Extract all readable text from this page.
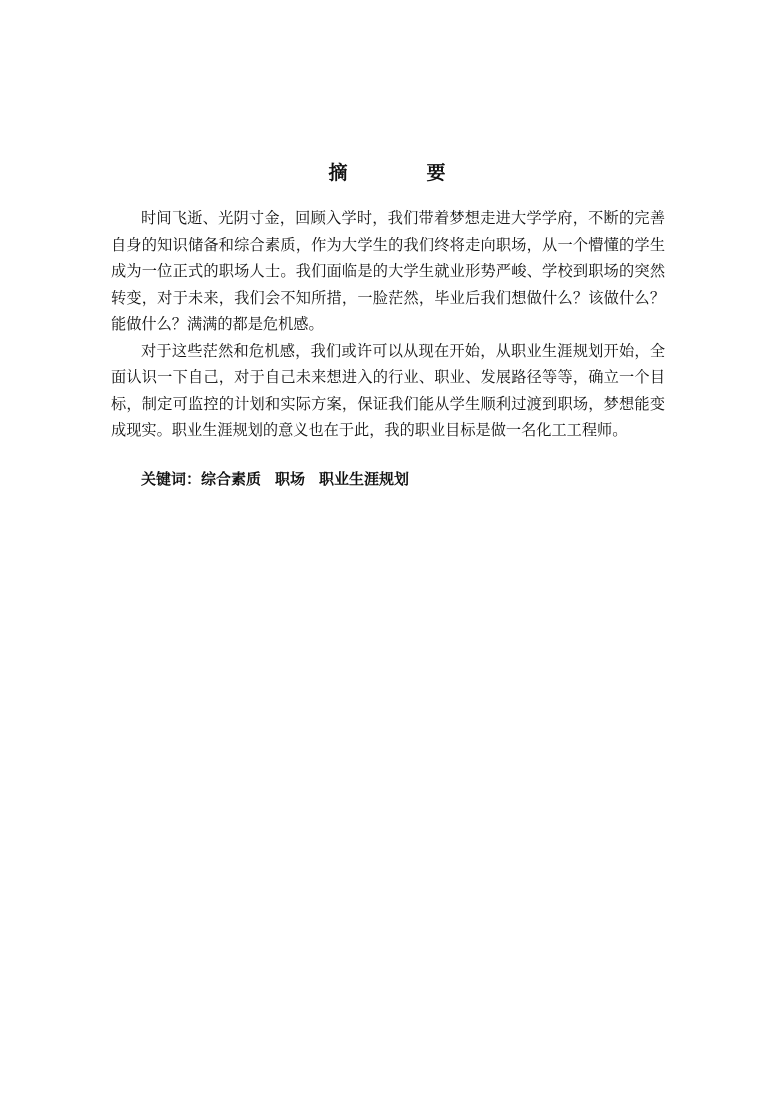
摘　要

时间飞逝、光阴寸金，回顾入学时，我们带着梦想走进大学学府，不断的完善自身的知识储备和综合素质，作为大学生的我们终将走向职场，从一个懵懂的学生成为一位正式的职场人士。我们面临是的大学生就业形势严峻、学校到职场的突然转变，对于未来，我们会不知所措，一脸茫然，毕业后我们想做什么？该做什么？能做什么？满满的都是危机感。

对于这些茫然和危机感，我们或许可以从现在开始，从职业生涯规划开始，全面认识一下自己，对于自己未来想进入的行业、职业、发展路径等等，确立一个目标，制定可监控的计划和实际方案，保证我们能从学生顺利过渡到职场，梦想能变成现实。职业生涯规划的意义也在于此，我的职业目标是做一名化工工程师。

关键词：综合素质 职场 职业生涯规划
